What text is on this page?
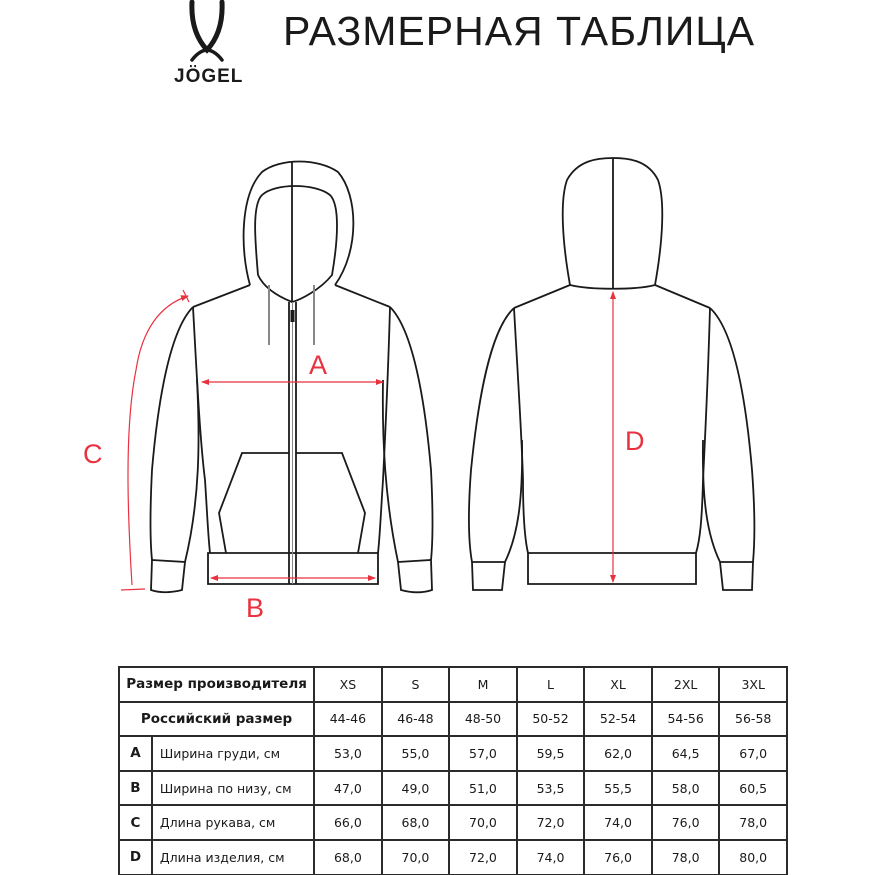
JÖGEL
РАЗМЕРНАЯ ТАБЛИЦА
A
B
C	D
Размер производителя		XS	S	M	L	XL	2XL	3XL
Российский размер		44-46	46-48	48-50	50-52	52-54	54-56	56-58
A	Ширина груди, см	53,0	55,0	57,0	59,5	62,0	64,5	67,0
B	Ширина по низу, см	47,0	49,0	51,0	53,5	55,5	58,0	60,5
C	Длина рукава, см	66,0	68,0	70,0	72,0	74,0	76,0	78,0
D	Длина изделия, см	68,0	70,0	72,0	74,0	76,0	78,0	80,0
